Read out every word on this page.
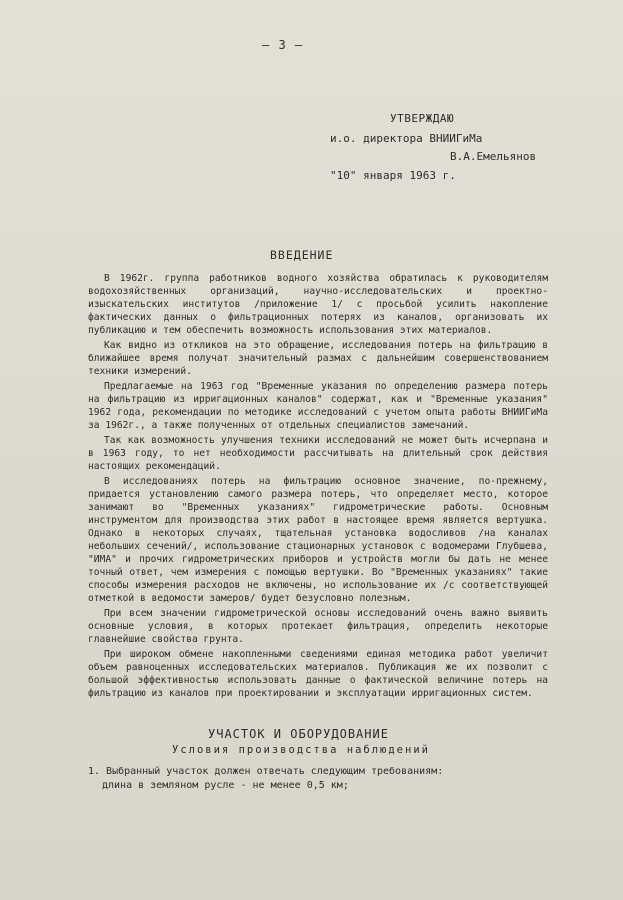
— 3 —
УТВЕРЖДАЮ
и.о. директора ВНИИГиМа
В.А.Емельянов
"10" января 1963 г.
ВВЕДЕНИЕ

В 1962г. группа работников водного хозяйства обратилась к руководителям водохозяйственных организаций, научно-исследовательских и проектно-изыскательских институтов /приложение 1/ с просьбой усилить накопление фактических данных о фильтрационных потерях из каналов, организовать их публикацию и тем обеспечить возможность использования этих материалов.

Как видно из откликов на это обращение, исследования потерь на фильтрацию в ближайшее время получат значительный размах с дальнейшим совершенствованием техники измерений.

Предлагаемые на 1963 год "Временные указания по определению размера потерь на фильтрацию из ирригационных каналов" содержат, как и "Временные указания" 1962 года, рекомендации по методике исследований с учетом опыта работы ВНИИГиМа за 1962г., а также полученных от отдельных специалистов замечаний.

Так как возможность улучшения техники исследований не может быть исчерпана и в 1963 году, то нет необходимости рассчитывать на длительный срок действия настоящих рекомендаций.

В исследованиях потерь на фильтрацию основное значение, по-прежнему, придается установлению самого размера потерь, что определяет место, которое занимают во "Временных указаниях" гидрометрические работы. Основным инструментом для производства этих работ в настоящее время является вертушка. Однако в некоторых случаях, тщательная установка водосливов /на каналах небольших сечений/, использование стационарных установок с водомерами Глубшева, "ИМА" и прочих гидрометрических приборов и устройств могли бы дать не менее точный ответ, чем измерения с помощью вертушки. Во "Временных указаниях" такие способы измерения расходов не включены, но использование их /с соответствующей отметкой в ведомости замеров/ будет безусловно полезным.

При всем значении гидрометрической основы исследований очень важно выявить основные условия, в которых протекает фильтрация, определить некоторые главнейшие свойства грунта.

При широком обмене накопленными сведениями единая методика работ увеличит объем равноценных исследовательских материалов. Публикация же их позволит с большой эффективностью использовать данные о фактической величине потерь на фильтрацию из каналов при проектировании и эксплуатации ирригационных систем.

УЧАСТОК И ОБОРУДОВАНИЕ
Условия производства наблюдений
1. Выбранный участок должен отвечать следующим требованиям:
длина в земляном русле - не менее 0,5 км;
